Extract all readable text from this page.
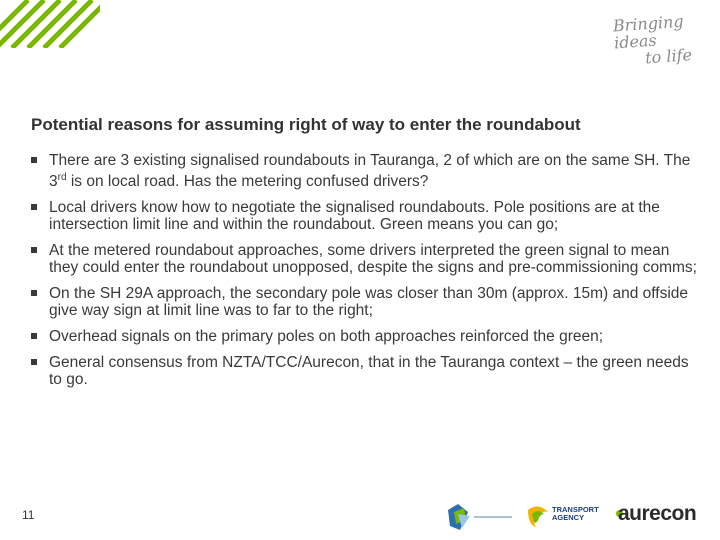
Bringing ideas
to life
Potential reasons for assuming right of way to enter the roundabout
There are 3 existing signalised roundabouts in Tauranga, 2 of which are on the same SH. The 3rd is on local road. Has the metering confused drivers?
Local drivers know how to negotiate the signalised roundabouts. Pole positions are at the intersection limit line and within the roundabout. Green means you can go;
At the metered roundabout approaches, some drivers interpreted the green signal to mean they could enter the roundabout unopposed, despite the signs and pre-commissioning comms;
On the SH 29A approach, the secondary pole was closer than 30m (approx. 15m) and offside give way sign at limit line was to far to the right;
Overhead signals on the primary poles on both approaches reinforced the green;
General consensus from NZTA/TCC/Aurecon, that in the Tauranga context – the green needs to go.
11	TRANSPORT
AGENCY	aurecon
